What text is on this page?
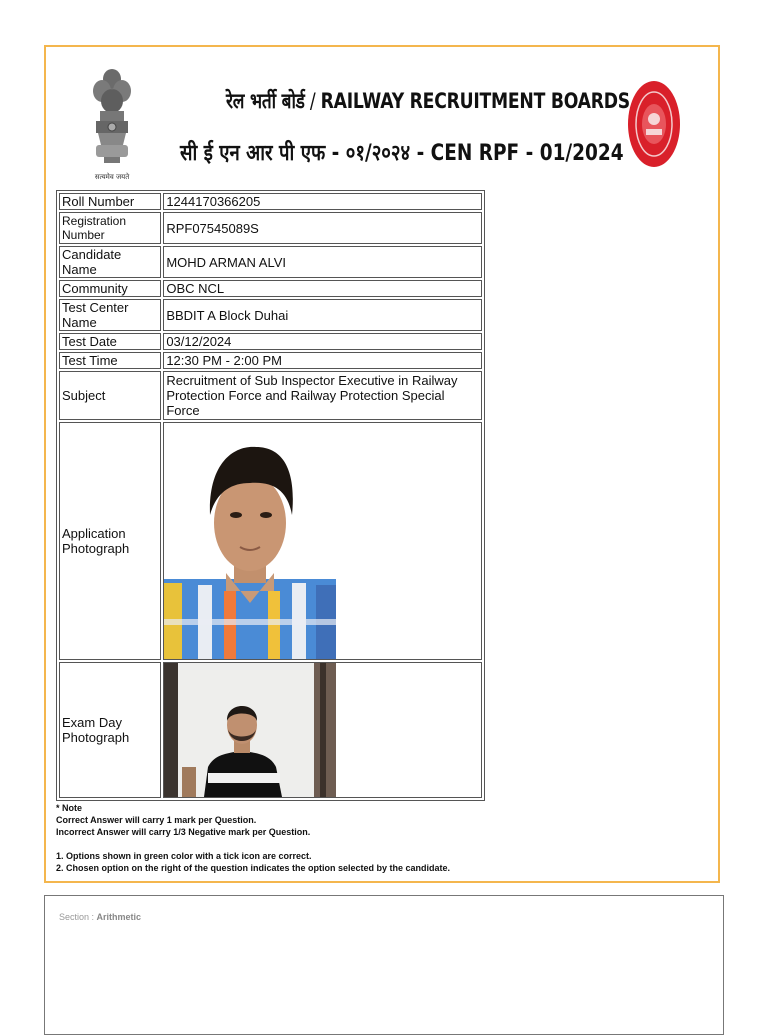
सत्यमेव जयते
रेल भर्ती बोर्ड / RAILWAY RECRUITMENT BOARDS
सी ई एन आर पी एफ - ०१/२०२४ - CEN RPF - 01/2024
Roll Number	1244170366205
Registration Number	RPF07545089S
Candidate Name	MOHD ARMAN ALVI
Community	OBC NCL
Test Center Name	BBDIT A Block Duhai
Test Date	03/12/2024
Test Time	12:30 PM - 2:00 PM
Subject	Recruitment of Sub Inspector Executive in Railway Protection Force and Railway Protection Special Force
Application Photograph	

Exam Day Photograph	
* Note
Correct Answer will carry 1 mark per Question.
Incorrect Answer will carry 1/3 Negative mark per Question.
1. Options shown in green color with a tick icon are correct.
2. Chosen option on the right of the question indicates the option selected by the candidate.
Section : Arithmetic
